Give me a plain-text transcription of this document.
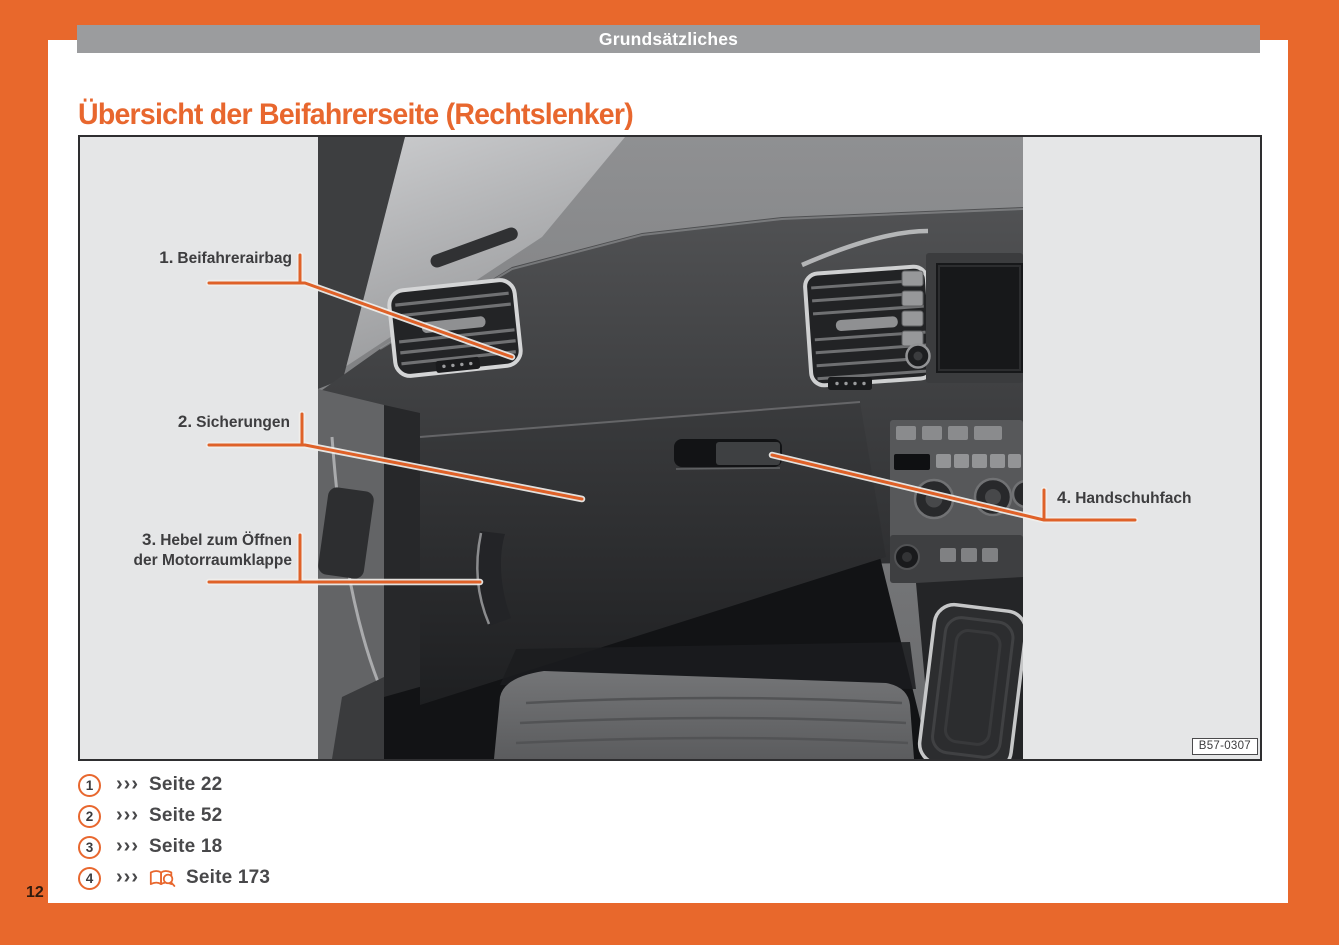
Grundsätzliches
Übersicht der Beifahrerseite (Rechtslenker)
1. Beifahrerairbag
2. Sicherungen
3. Hebel zum Öffnen der Motorraumklappe
4. Handschuhfach
B57-0307
1	››› Seite 22
2	››› Seite 52
3	››› Seite 18
4	››› Seite 173
12
